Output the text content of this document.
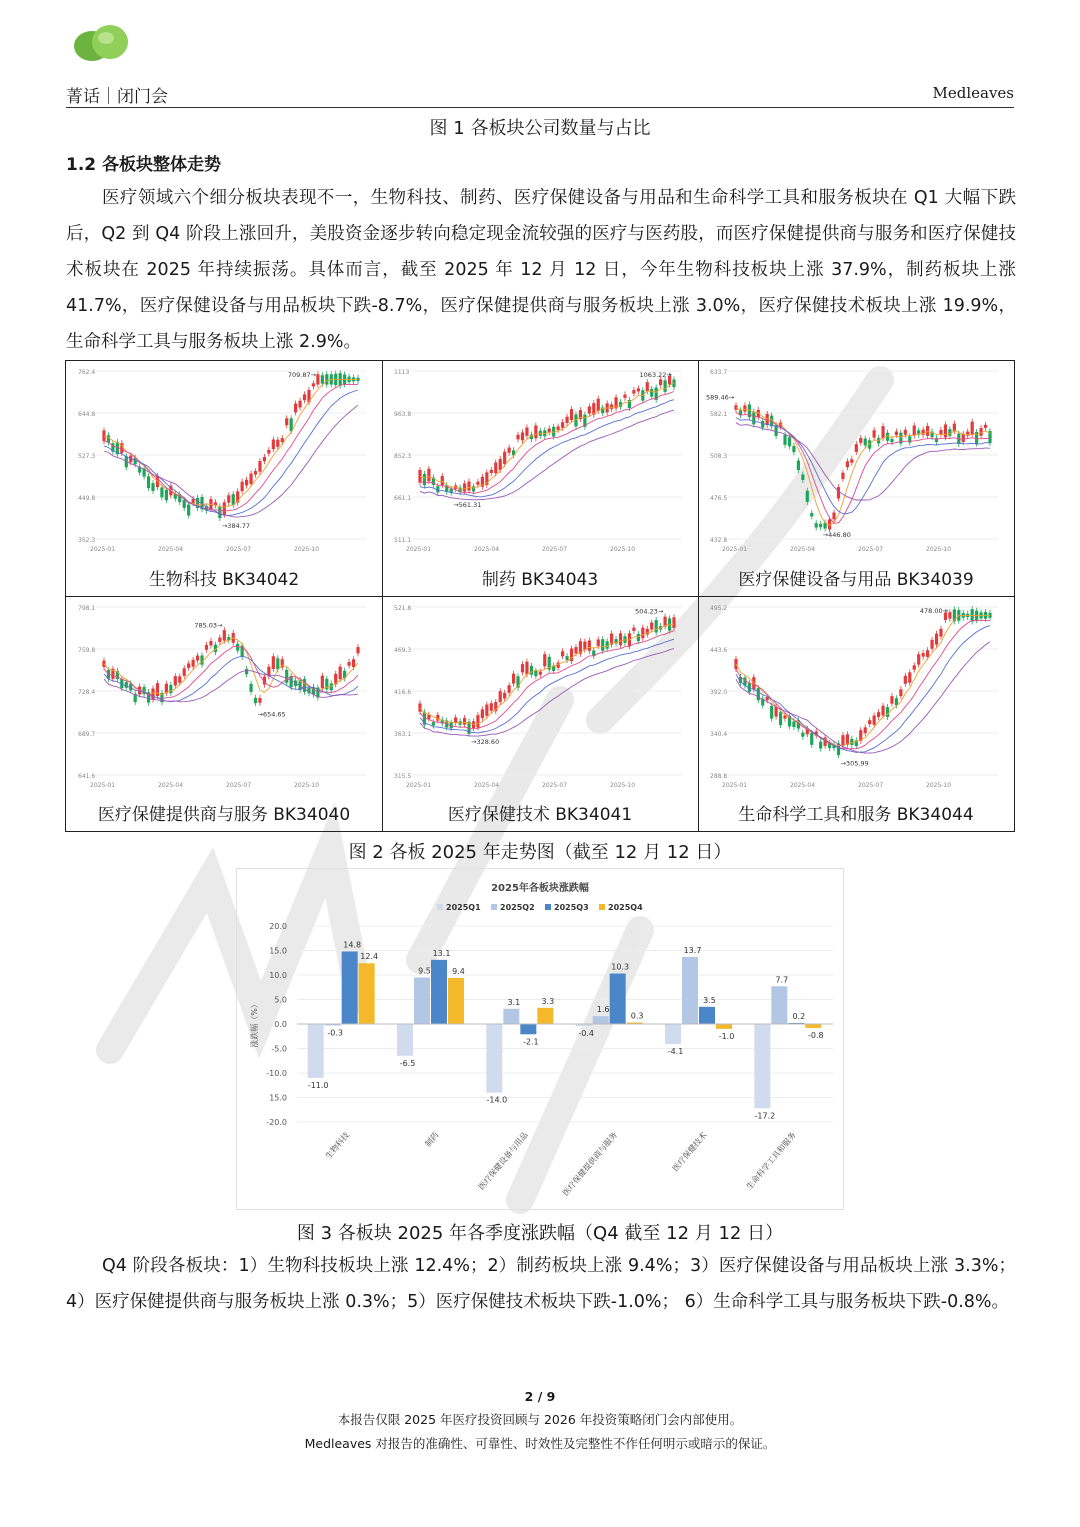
菁话｜闭门会	Medleaves
图 1 各板块公司数量与占比
1.2 各板块整体走势

医疗领域六个细分板块表现不一，生物科技、制药、医疗保健设备与用品和生命科学工具和服务板块在 Q1 大幅下跌后，Q2 到 Q4 阶段上涨回升，美股资金逐步转向稳定现金流较强的医疗与医药股，而医疗保健提供商与服务和医疗保健技术板块在 2025 年持续振荡。具体而言，截至 2025 年 12 月 12 日，今年生物科技板块上涨 37.9%，制药板块上涨 41.7%，医疗保健设备与用品板块下跌-8.7%，医疗保健提供商与服务板块上涨 3.0%，医疗保健技术板块上涨 19.9%，生命科学工具与服务板块上涨 2.9%。

762.4
644.8
527.3
449.8
352.3
2025-01	2025-04	2025-07	2025-10
709.87→
→384.77
生物科技 BK34042
1113
963.8
852.3
661.1
511.1
2025-01	2025-04	2025-07	2025-10
1063.22→
→561.31
制药 BK34043
633.7
582.1
508.3
476.5
432.8
2025-01	2025-04	2025-07	2025-10
589.46→
→446.80
医疗保健设备与用品 BK34039
798.1
759.8
728.4
689.7
641.6
2025-01	2025-04	2025-07	2025-10
785.03→
→654.65
医疗保健提供商与服务 BK34040
521.8
469.3
416.6
363.1
315.5
2025-01	2025-04	2025-07	2025-10
504.23→
→328.60
医疗保健技术 BK34041
495.2
443.6
392.0
340.4
288.8
2025-01	2025-04	2025-07	2025-10
478.00→
→305.99
生命科学工具和服务 BK34044
图 2 各板 2025 年走势图（截至 12 月 12 日）
2025年各板块涨跌幅
2025Q1 2025Q2 2025Q3 2025Q4
20.0
15.0
10.0
5.0
0.0
-5.0
-10.0
15.0
-20.0
涨跌幅（%）
-11.0
-0.3
14.8
12.4
生物科技
-6.5
9.5
13.1
9.4
制药
-14.0
3.1
-2.1
3.3
医疗保健设备与用品
-0.4
1.6
10.3
0.3
医疗保健提供商与服务
-4.1
13.7
3.5
-1.0
医疗保健技术
-17.2
7.7
0.2
-0.8
生命科学工具和服务
图 3 各板块 2025 年各季度涨跌幅（Q4 截至 12 月 12 日）

Q4 阶段各板块：1）生物科技板块上涨 12.4%；2）制药板块上涨 9.4%；3）医疗保健设备与用品板块上涨 3.3%；4）医疗保健提供商与服务板块上涨 0.3%；5）医疗保健技术板块下跌-1.0%； 6）生命科学工具与服务板块下跌-0.8%。

2 / 9
本报告仅限 2025 年医疗投资回顾与 2026 年投资策略闭门会内部使用。
Medleaves 对报告的准确性、可靠性、时效性及完整性不作任何明示或暗示的保证。
